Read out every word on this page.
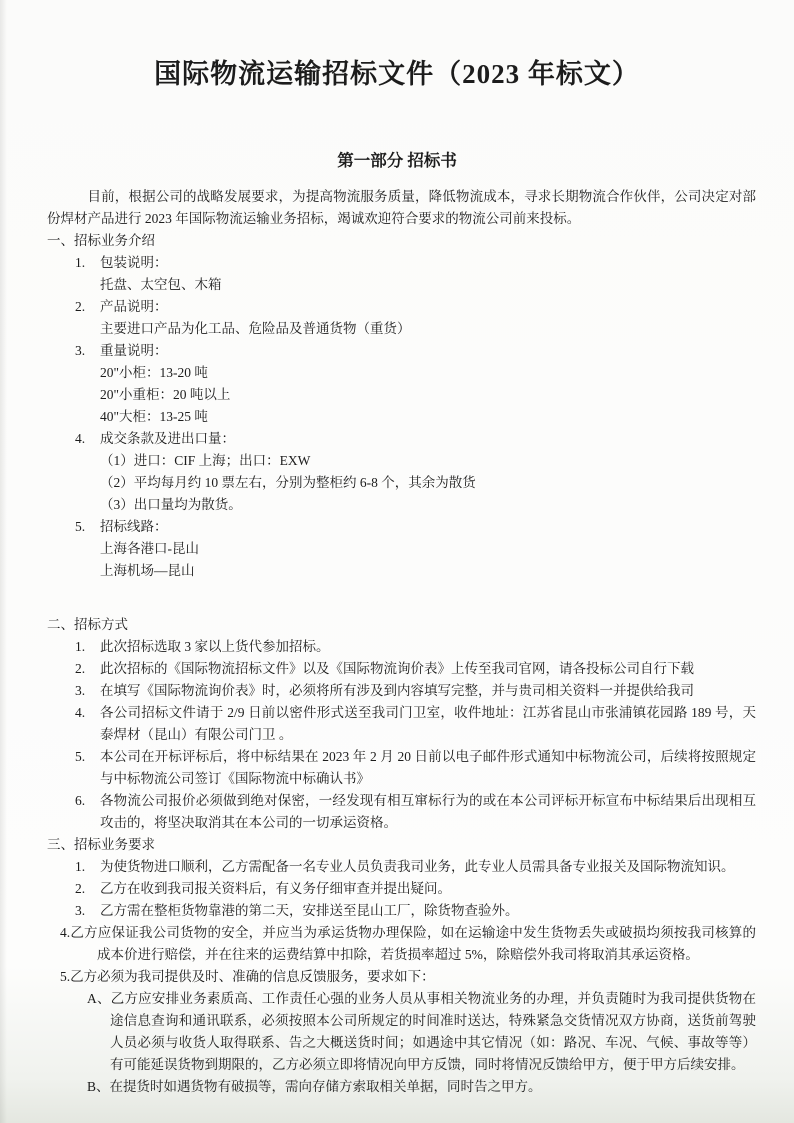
国际物流运输招标文件（2023 年标文）
第一部分 招标书

目前，根据公司的战略发展要求，为提高物流服务质量，降低物流成本，寻求长期物流合作伙伴，公司决定对部份焊材产品进行 2023 年国际物流运输业务招标，竭诚欢迎符合要求的物流公司前来投标。

一、招标业务介绍

1.	包装说明：

托盘、太空包、木箱

2.	产品说明：

主要进口产品为化工品、危险品及普通货物（重货）

3.	重量说明：

20"小柜：13-20 吨

20"小重柜：20 吨以上

40"大柜：13-25 吨

4.	成交条款及进出口量：

（1）进口：CIF 上海；出口：EXW

（2）平均每月约 10 票左右，分别为整柜约 6-8 个，其余为散货

（3）出口量均为散货。

5.	招标线路：

上海各港口-昆山

上海机场—昆山

二、招标方式

1.	此次招标选取 3 家以上货代参加招标。
2.	此次招标的《国际物流招标文件》以及《国际物流询价表》上传至我司官网，请各投标公司自行下载
3.	在填写《国际物流询价表》时，必须将所有涉及到内容填写完整，并与贵司相关资料一并提供给我司
4.	各公司招标文件请于 2/9 日前以密件形式送至我司门卫室，收件地址：江苏省昆山市张浦镇花园路 189 号，天泰焊材（昆山）有限公司门卫 。
5.	本公司在开标评标后，将中标结果在 2023 年 2 月 20 日前以电子邮件形式通知中标物流公司，后续将按照规定与中标物流公司签订《国际物流中标确认书》
6.	各物流公司报价必须做到绝对保密，一经发现有相互窜标行为的或在本公司评标开标宣布中标结果后出现相互攻击的，将坚决取消其在本公司的一切承运资格。

三、招标业务要求

1.	为使货物进口顺利，乙方需配备一名专业人员负责我司业务，此专业人员需具备专业报关及国际物流知识。
2.	乙方在收到我司报关资料后，有义务仔细审查并提出疑问。
3.	乙方需在整柜货物靠港的第二天，安排送至昆山工厂，除货物查验外。

4.乙方应保证我公司货物的安全，并应当为承运货物办理保险，如在运输途中发生货物丢失或破损均须按我司核算的成本价进行赔偿，并在往来的运费结算中扣除，若货损率超过 5%，除赔偿外我司将取消其承运资格。

5.乙方必须为我司提供及时、准确的信息反馈服务，要求如下：

A、乙方应安排业务素质高、工作责任心强的业务人员从事相关物流业务的办理，并负责随时为我司提供货物在途信息查询和通讯联系，必须按照本公司所规定的时间准时送达，特殊紧急交货情况双方协商，送货前驾驶人员必须与收货人取得联系、告之大概送货时间；如遇途中其它情况（如：路况、车况、气候、事故等等）有可能延误货物到期限的，乙方必须立即将情况向甲方反馈，同时将情况反馈给甲方，便于甲方后续安排。

B、在提货时如遇货物有破损等，需向存储方索取相关单据，同时告之甲方。
